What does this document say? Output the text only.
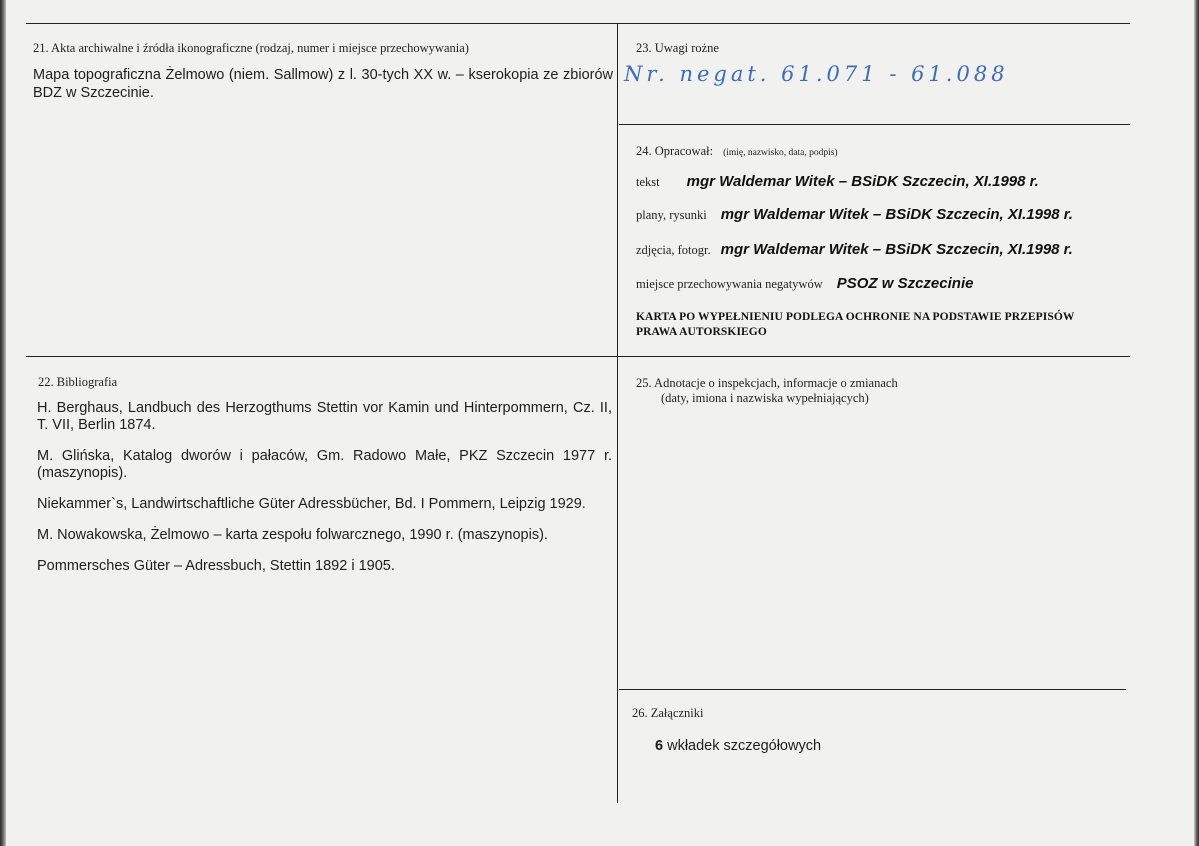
21. Akta archiwalne i źródła ikonograficzne (rodzaj, numer i miejsce przechowywania)
Mapa topograficzna Żelmowo (niem. Sallmow) z l. 30-tych XX w. – kserokopia ze zbiorów BDZ w Szczecinie.
23. Uwagi rożne
Nr. negat. 61.071 - 61.088
24. Opracował: (imię, nazwisko, data, podpis)
tekst mgr Waldemar Witek – BSiDK Szczecin, XI.1998 r.
plany, rysunki mgr Waldemar Witek – BSiDK Szczecin, XI.1998 r.
zdjęcia, fotogr. mgr Waldemar Witek – BSiDK Szczecin, XI.1998 r.
miejsce przechowywania negatywów PSOZ w Szczecinie
KARTA PO WYPEŁNIENIU PODLEGA OCHRONIE NA PODSTAWIE PRZEPISÓW
PRAWA AUTORSKIEGO
22. Bibliografia

H. Berghaus, Landbuch des Herzogthums Stettin vor Kamin und Hinterpommern, Cz. II, T. VII, Berlin 1874.

M. Glińska, Katalog dworów i pałaców, Gm. Radowo Małe, PKZ Szczecin 1977 r. (maszynopis).

Niekammer`s, Landwirtschaftliche Güter Adressbücher, Bd. I Pommern, Leipzig 1929.

M. Nowakowska, Żelmowo – karta zespołu folwarcznego, 1990 r. (maszynopis).

Pommersches Güter – Adressbuch, Stettin 1892 i 1905.

25. Adnotacje o inspekcjach, informacje o zmianach
(daty, imiona i nazwiska wypełniających)
26. Załączniki
6 wkładek szczegółowych
